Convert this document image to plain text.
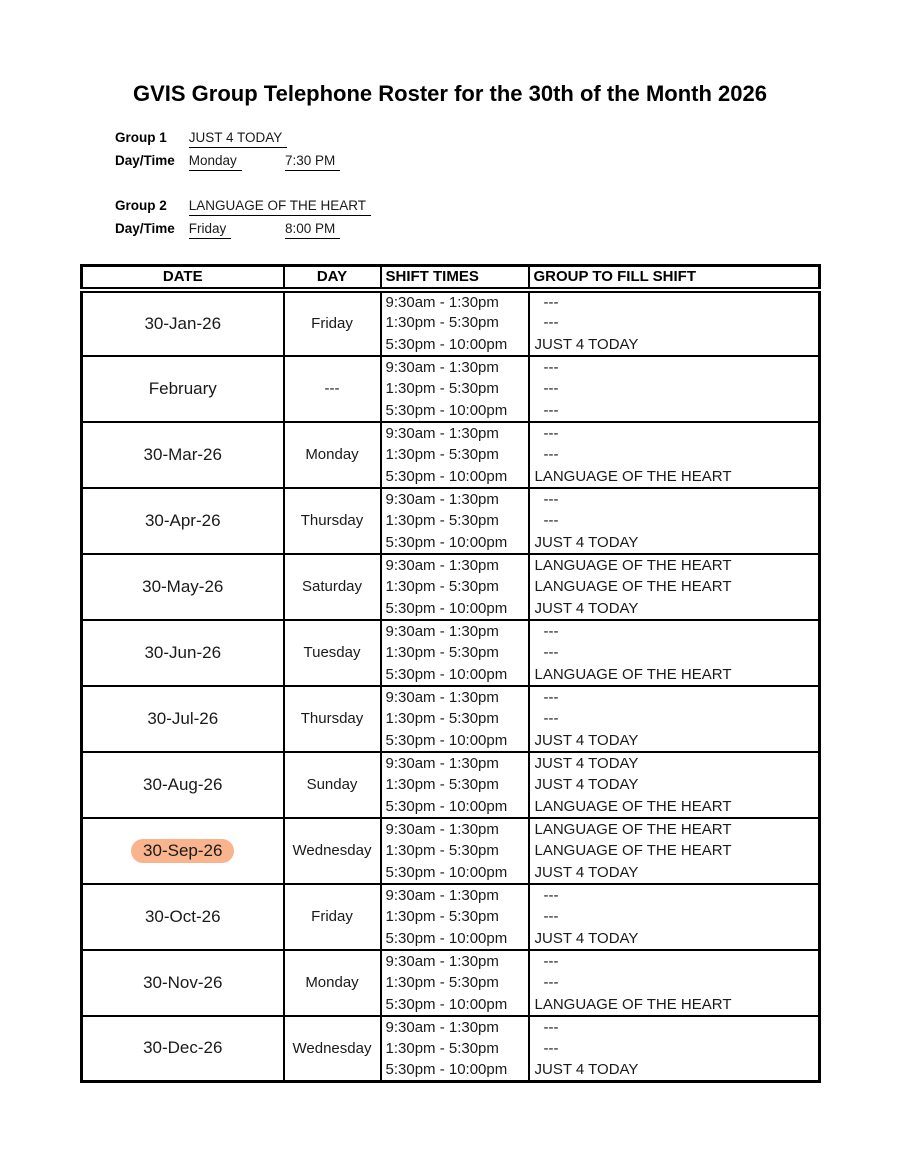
GVIS Group Telephone Roster for the 30th of the Month 2026
Group 1 JUST 4 TODAY
Day/Time Monday	7:30 PM
Group 2 LANGUAGE OF THE HEART
Day/Time Friday	8:00 PM
DATE	DAY	SHIFT TIMES	GROUP TO FILL SHIFT
30-Jan-26	Friday	9:30am - 1:30pm	---
		1:30pm - 5:30pm	---
		5:30pm - 10:00pm	JUST 4 TODAY
February	---	9:30am - 1:30pm	---
		1:30pm - 5:30pm	---
		5:30pm - 10:00pm	---
30-Mar-26	Monday	9:30am - 1:30pm	---
		1:30pm - 5:30pm	---
		5:30pm - 10:00pm	LANGUAGE OF THE HEART
30-Apr-26	Thursday	9:30am - 1:30pm	---
		1:30pm - 5:30pm	---
		5:30pm - 10:00pm	JUST 4 TODAY
30-May-26	Saturday	9:30am - 1:30pm	LANGUAGE OF THE HEART
		1:30pm - 5:30pm	LANGUAGE OF THE HEART
		5:30pm - 10:00pm	JUST 4 TODAY
30-Jun-26	Tuesday	9:30am - 1:30pm	---
		1:30pm - 5:30pm	---
		5:30pm - 10:00pm	LANGUAGE OF THE HEART
30-Jul-26	Thursday	9:30am - 1:30pm	---
		1:30pm - 5:30pm	---
		5:30pm - 10:00pm	JUST 4 TODAY
30-Aug-26	Sunday	9:30am - 1:30pm	JUST 4 TODAY
		1:30pm - 5:30pm	JUST 4 TODAY
		5:30pm - 10:00pm	LANGUAGE OF THE HEART
30-Sep-26	Wednesday	9:30am - 1:30pm	LANGUAGE OF THE HEART
		1:30pm - 5:30pm	LANGUAGE OF THE HEART
		5:30pm - 10:00pm	JUST 4 TODAY
30-Oct-26	Friday	9:30am - 1:30pm	---
		1:30pm - 5:30pm	---
		5:30pm - 10:00pm	JUST 4 TODAY
30-Nov-26	Monday	9:30am - 1:30pm	---
		1:30pm - 5:30pm	---
		5:30pm - 10:00pm	LANGUAGE OF THE HEART
30-Dec-26	Wednesday	9:30am - 1:30pm	---
		1:30pm - 5:30pm	---
		5:30pm - 10:00pm	JUST 4 TODAY
